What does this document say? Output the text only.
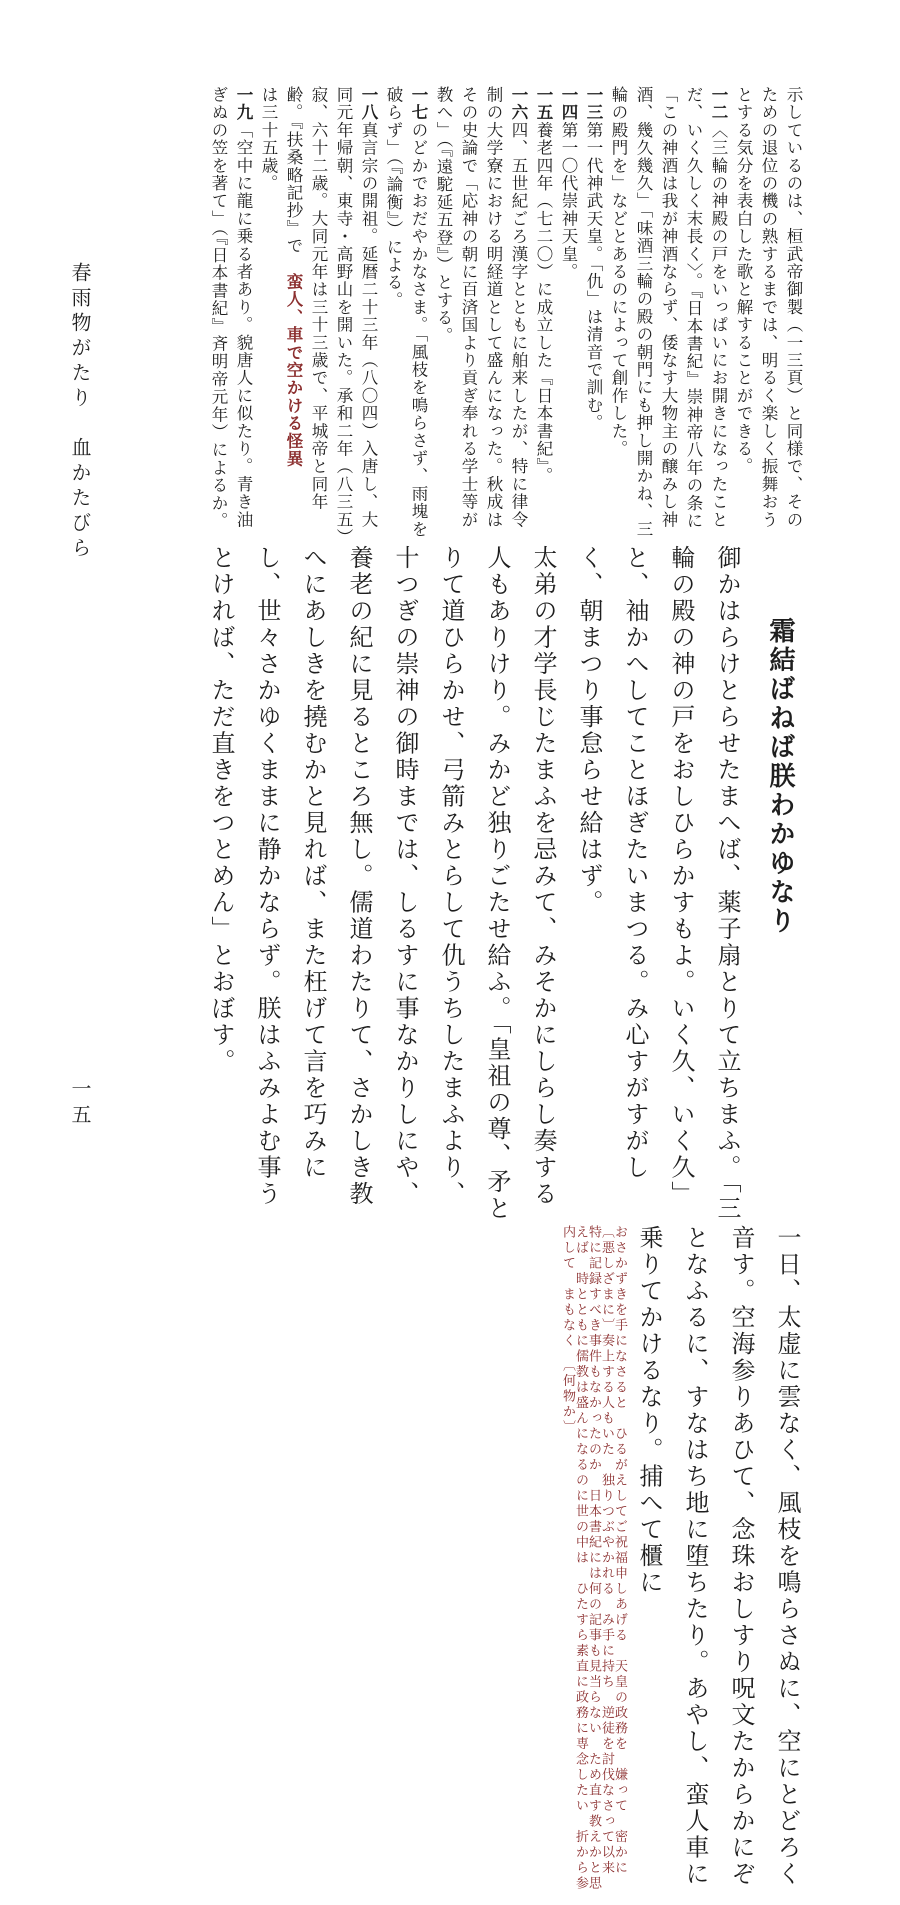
春雨物がたり　血かたびら
一五

示しているのは、桓武帝御製（一三頁）と同様で、そのための退位の機の熟するまでは、明るく楽しく振舞おうとする気分を表白した歌と解することができる。

一二〈三輪の神殿の戸をいっぱいにお開きになったことだ、いく久しく末長く〉。『日本書紀』崇神帝八年の条に「この神酒は我が神酒ならず、倭なす大物主の醸みし神酒、幾久幾久」「味酒三輪の殿の朝門にも押し開かね、三輪の殿門を」などとあるのによって創作した。

一三第一代神武天皇。「仇」は清音で訓む。

一四第一〇代崇神天皇。

一五養老四年（七二〇）に成立した『日本書紀』。

一六四、五世紀ごろ漢字とともに舶来したが、特に律令制の大学寮における明経道として盛んになった。秋成はその史論で「応神の朝に百済国より貢ぎ奉れる学士等が教へ」（『遠駝延五登』）とする。

一七のどかでおだやかなさま。「風枝を鳴らさず、雨塊を破らず」（『論衡』）による。

一八真言宗の開祖。延暦二十三年（八〇四）入唐し、大同元年帰朝、東寺・高野山を開いた。承和二年（八三五）寂、六十二歳。大同元年は三十三歳で、平城帝と同年齢。『扶桑略記抄』で蛮人、車で空かける怪異

は三十五歳。

一九「空中に龍に乗る者あり。貌唐人に似たり。青き油ぎぬの笠を著て」（『日本書紀』斉明帝元年）によるか。

霜結ばねば朕わかゆなり

御かはらけとらせたまへば、薬子扇とりて立ちまふ。「三輪の殿の神の戸をおしひらかすもよ。いく久、いく久」と、袖かへしてことほぎたいまつる。み心すがすがしく、朝まつり事怠らせ給はず。

太弟の才学長じたまふを忌みて、みそかにしらし奏する人もありけり。みかど独りごたせ給ふ。「皇祖の尊、矛とりて道ひらかせ、弓箭みとらして仇うちしたまふより、十つぎの崇神の御時までは、しるすに事なかりしにや、養老の紀に見るところ無し。儒道わたりて、さかしき教へにあしきを撓むかと見れば、また枉げて言を巧みにし、世々さかゆくままに静かならず。朕はふみよむ事うとければ、ただ直きをつとめん」とおぼす。

一日、太虚に雲なく、風枝を鳴らさぬに、空にとどろく音す。空海参りあひて、念珠おしすり呪文たからかにぞとなふるに、すなはち地に堕ちたり。あやし、蛮人車に乗りてかけるなり。捕へて櫃に

おさかずきを手になさると　ひるがえしてご祝福申しあげる　天皇の政務を　嫌って　密かに〔悪しざまに〕奏上する人もいた　独りつぶやかれる　み手に持ち　逆徒を討伐なさって以来　特に記録すべき事件もなかったのか　日本書紀には何の記事も見当らない　ため直す教えかと思えば　時とともに儒教は盛んになるのに世の中は　ひたすら素直に政務に専念したい　折から参内して　まもなく　〔何物か〕
